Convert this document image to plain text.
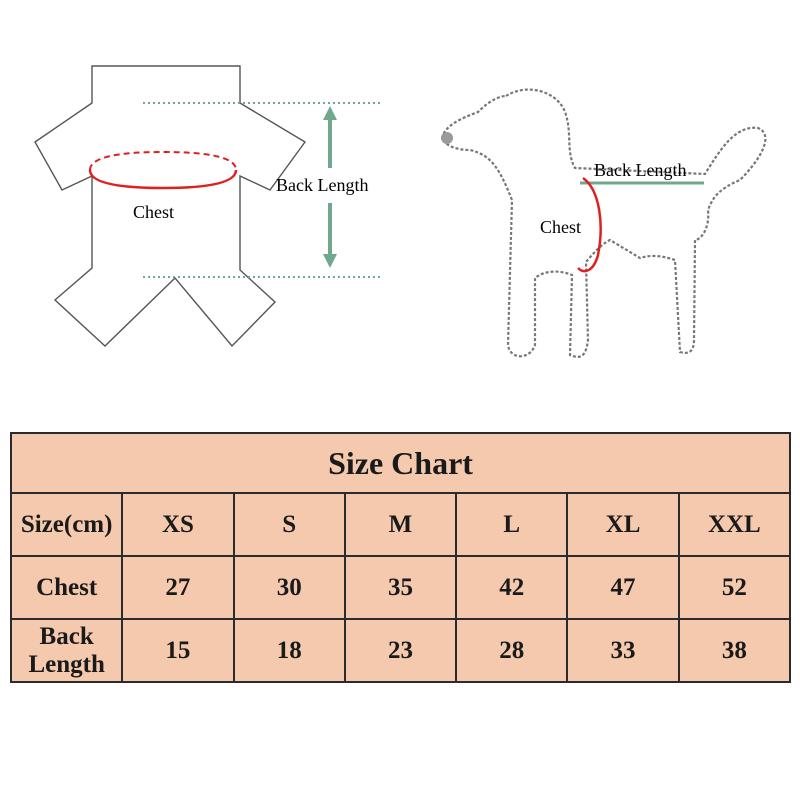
Back Length
Chest
Back Length
Chest
Size Chart						
Size(cm)	XS	S	M	L	XL	XXL
Chest	27	30	35	42	47	52
Back Length	15	18	23	28	33	38
